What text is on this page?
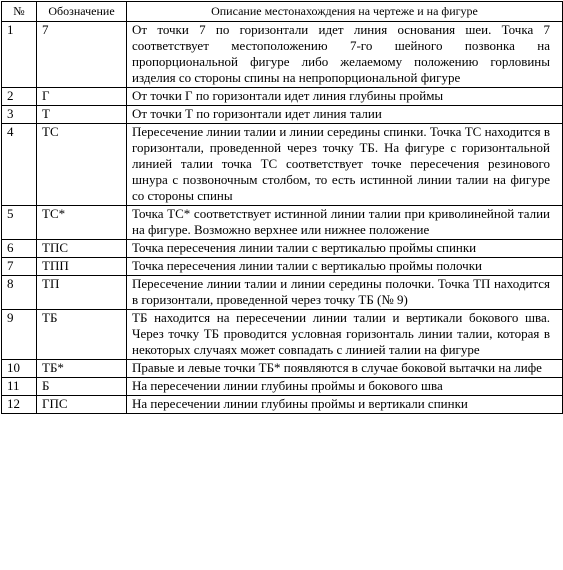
№	Обозначение	Описание местонахождения на чертеже и на фигуре
1	7	От точки 7 по горизонтали идет линия основания шеи. Точка 7 соответствует местоположению 7-го шейного позвонка на пропорциональной фигуре либо желаемому положению горловины изделия со стороны спины на непропорциональной фигуре
2	Г	От точки Г по горизонтали идет линия глубины проймы
3	Т	От точки Т по горизонтали идет линия талии
4	ТС	Пересечение линии талии и линии середины спинки. Точка ТС находится в горизонтали, проведенной через точку ТБ. На фигуре с горизонтальной линией талии точка ТС соответствует точке пересечения резинового шнура с позвоночным столбом, то есть истинной линии талии на фигуре со стороны спины
5	ТС*	Точка ТС* соответствует истинной линии талии при криволинейной талии на фигуре. Возможно верхнее или нижнее положение
6	ТПС	Точка пересечения линии талии с вертикалью проймы спинки
7	ТПП	Точка пересечения линии талии с вертикалью проймы полочки
8	ТП	Пересечение линии талии и линии середины полочки. Точка ТП находится в горизонтали, проведенной через точку ТБ (№ 9)
9	ТБ	ТБ находится на пересечении линии талии и вертикали бокового шва. Через точку ТБ проводится условная горизонталь линии талии, которая в некоторых случаях может совпадать с линией талии на фигуре
10	ТБ*	Правые и левые точки ТБ* появляются в случае боковой вытачки на лифе
11	Б	На пересечении линии глубины проймы и бокового шва
12	ГПС	На пересечении линии глубины проймы и вертикали спинки
